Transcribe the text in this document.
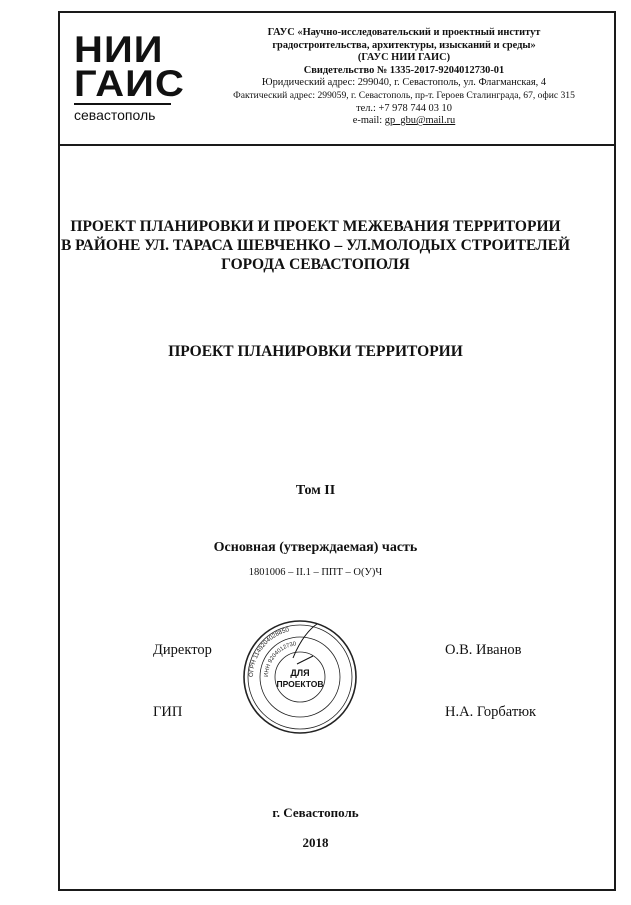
НИИ
ГАИС
севастополь
ГАУС «Научно-исследовательский и проектный институт
градостроительства, архитектуры, изысканий и среды»
(ГАУС НИИ ГАИС)
Свидетельство № 1335-2017-9204012730-01
Юридический адрес: 299040, г. Севастополь, ул. Флагманская, 4
Фактический адрес: 299059, г. Севастополь, пр-т. Героев Сталинграда, 67, офис 315
тел.: +7 978 744 03 10
e-mail: gp_gbu@mail.ru
ПРОЕКТ ПЛАНИРОВКИ И ПРОЕКТ МЕЖЕВАНИЯ ТЕРРИТОРИИ
В РАЙОНЕ УЛ. ТАРАСА ШЕВЧЕНКО – УЛ.МОЛОДЫХ СТРОИТЕЛЕЙ
ГОРОДА СЕВАСТОПОЛЯ
ПРОЕКТ ПЛАНИРОВКИ ТЕРРИТОРИИ
Том II
Основная (утверждаемая) часть
1801006 – II.1 – ППТ – О(У)Ч
Директор	О.В. Иванов
ГИП	Н.А. Горбатюк
ОГРН 1149204028850
ИНН 9204012730
ДЛЯ
ПРОЕКТОВ
г. Севастополь
2018
